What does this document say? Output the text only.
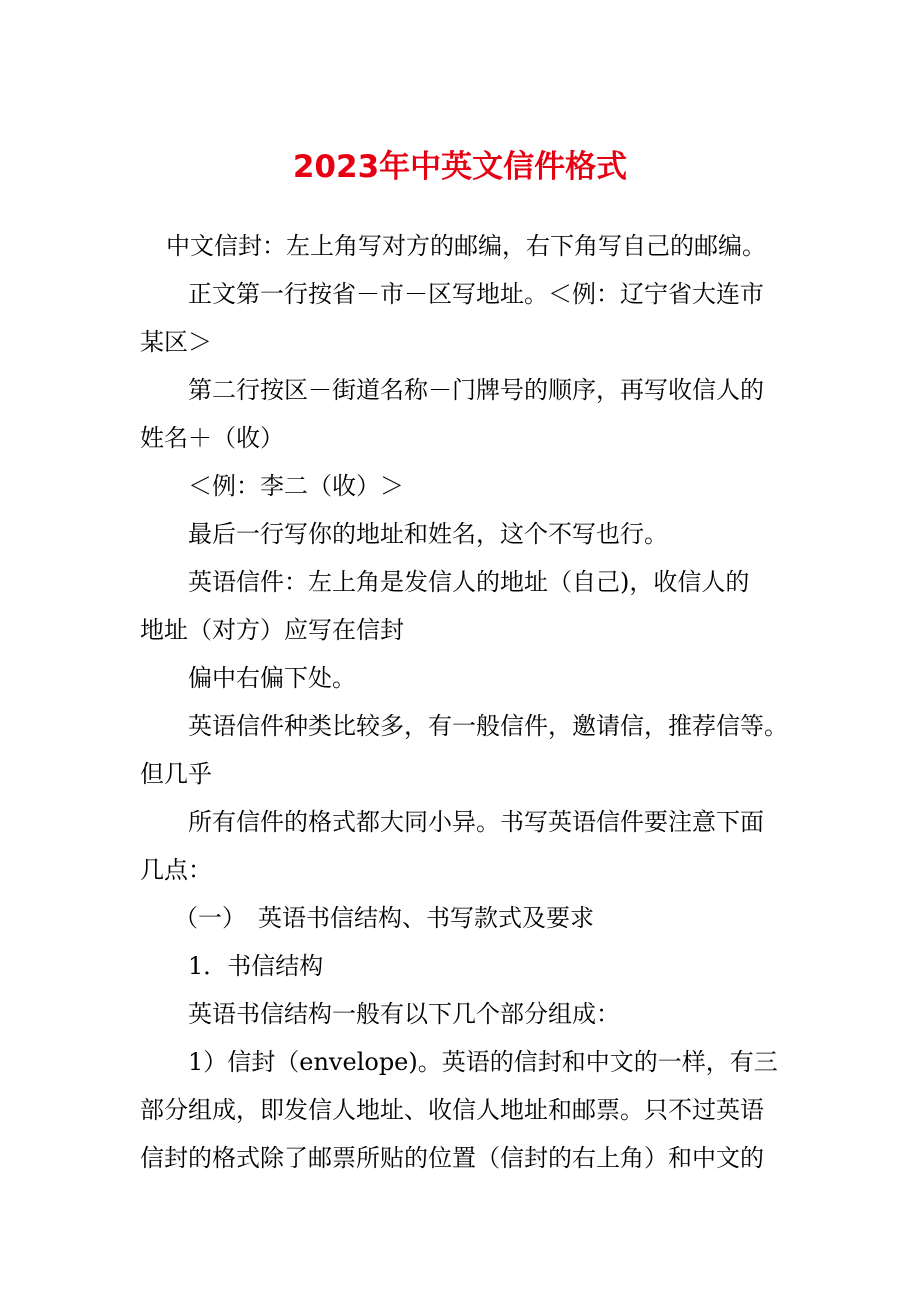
2023年中英文信件格式

中文信封：左上角写对方的邮编，右下角写自己的邮编。

正文第一行按省－市－区写地址。＜例：辽宁省大连市
某区＞

第二行按区－街道名称－门牌号的顺序，再写收信人的
姓名＋（收）

＜例：李二（收）＞

最后一行写你的地址和姓名，这个不写也行。

英语信件：左上角是发信人的地址（自己)，收信人的
地址（对方）应写在信封

偏中右偏下处。

英语信件种类比较多，有一般信件，邀请信，推荐信等。
但几乎

所有信件的格式都大同小异。书写英语信件要注意下面
几点：

（一）　英语书信结构、书写款式及要求

1．书信结构

英语书信结构一般有以下几个部分组成：

1）信封（envelope)。英语的信封和中文的一样，有三
部分组成，即发信人地址、收信人地址和邮票。只不过英语
信封的格式除了邮票所贴的位置（信封的右上角）和中文的
